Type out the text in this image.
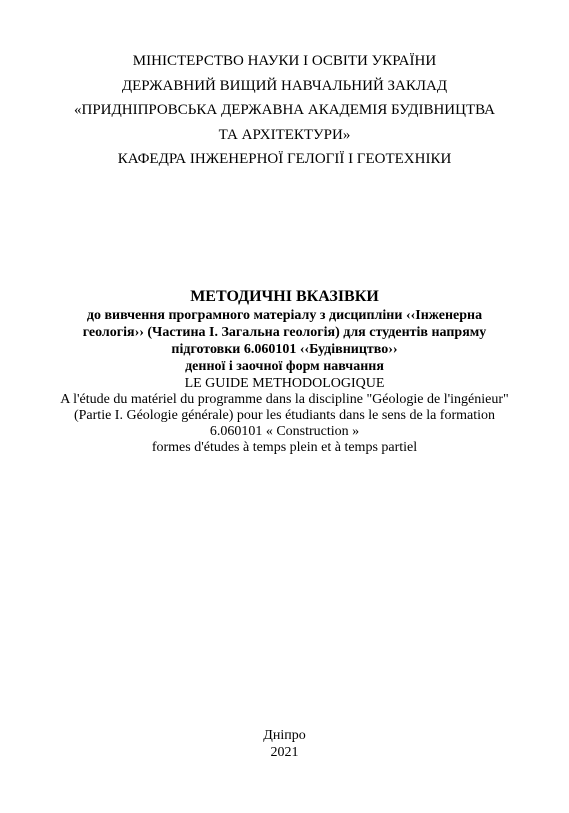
МІНІСТЕРСТВО НАУКИ І ОСВІТИ УКРАЇНИ
ДЕРЖАВНИЙ ВИЩИЙ НАВЧАЛЬНИЙ ЗАКЛАД
«ПРИДНІПРОВСЬКА ДЕРЖАВНА АКАДЕМІЯ БУДІВНИЦТВА
ТА АРХІТЕКТУРИ»
КАФЕДРА ІНЖЕНЕРНОЇ ГЕЛОГІЇ І ГЕОТЕХНІКИ
МЕТОДИЧНІ ВКАЗІВКИ
до вивчення програмного матеріалу з дисципліни ‹‹Інженерна
геологія›› (Частина І. Загальна геологія) для студентів напряму
підготовки 6.060101 ‹‹Будівництво››
денної і заочної форм навчання
LE GUIDE METHODOLOGIQUE
A l'étude du matériel du programme dans la discipline "Géologie de l'ingénieur"
(Partie I. Géologie générale) pour les étudiants dans le sens de la formation
6.060101 « Construction »
formes d'études à temps plein et à temps partiel
Дніпро
2021
